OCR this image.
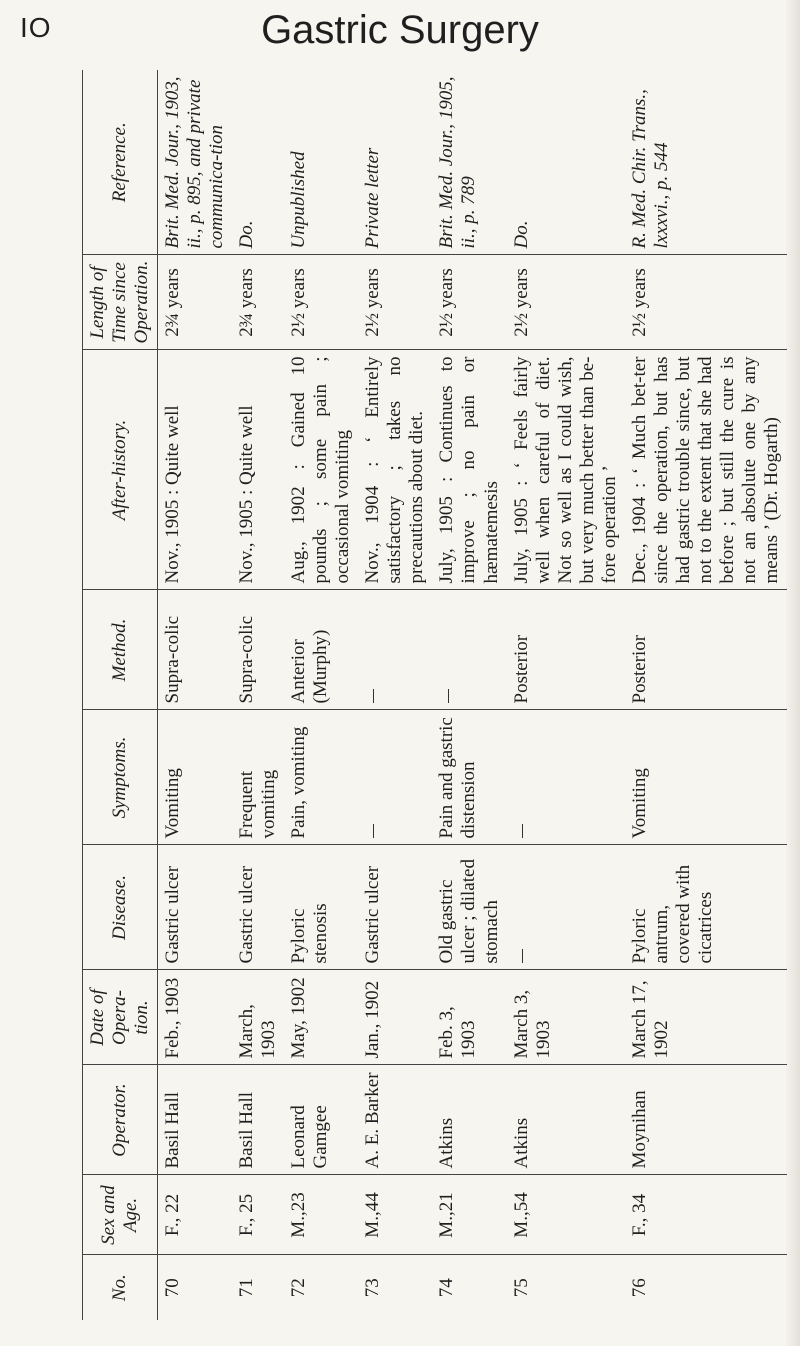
IO	Gastric Surgery
No.	Sex and Age.	Operator.	Date of Opera-tion.	Disease.	Symptoms.	Method.	After-history.	Length of Time since Operation.	Reference.
70	F., 22	Basil Hall	Feb., 1903	Gastric ulcer	Vomiting	Supra-colic	Nov., 1905 : Quite well	2¾ years	Brit. Med. Jour., 1903, ii., p. 895, and private communica-tion
71	F., 25	Basil Hall	March, 1903	Gastric ulcer	Frequent vomiting	Supra-colic	Nov., 1905 : Quite well	2¾ years	Do.
72	M.,23	Leonard Gamgee	May, 1902	Pyloric stenosis	Pain, vomiting	Anterior (Murphy)	Aug., 1902 : Gained 10 pounds ; some pain ; occasional vomiting	2½ years	Unpublished
73	M.,44	A. E. Barker	Jan., 1902	Gastric ulcer			Nov., 1904 : ‘ Entirely satisfactory ; takes no precautions about diet.	2½ years	Private letter
74	M.,21	Atkins	Feb. 3, 1903	Old gastric ulcer ; dilated stomach	Pain and gastric distension		July, 1905 : Continues to improve ; no pain or hæmatemesis	2½ years	Brit. Med. Jour., 1905, ii., p. 789
75	M.,54	Atkins	March 3, 1903			Posterior	July, 1905 : ‘ Feels fairly well when careful of diet. Not so well as I could wish, but very much better than be-fore operation ’	2½ years	Do.
76	F., 34	Moynihan	March 17, 1902	Pyloric antrum, covered with cicatrices	Vomiting	Posterior	Dec., 1904 : ‘ Much bet-ter since the operation, but has had gastric trouble since, but not to the extent that she had before ; but still the cure is not an absolute one by any means ’ (Dr. Hogarth)	2½ years	R. Med. Chir. Trans., lxxxvi., p. 544
